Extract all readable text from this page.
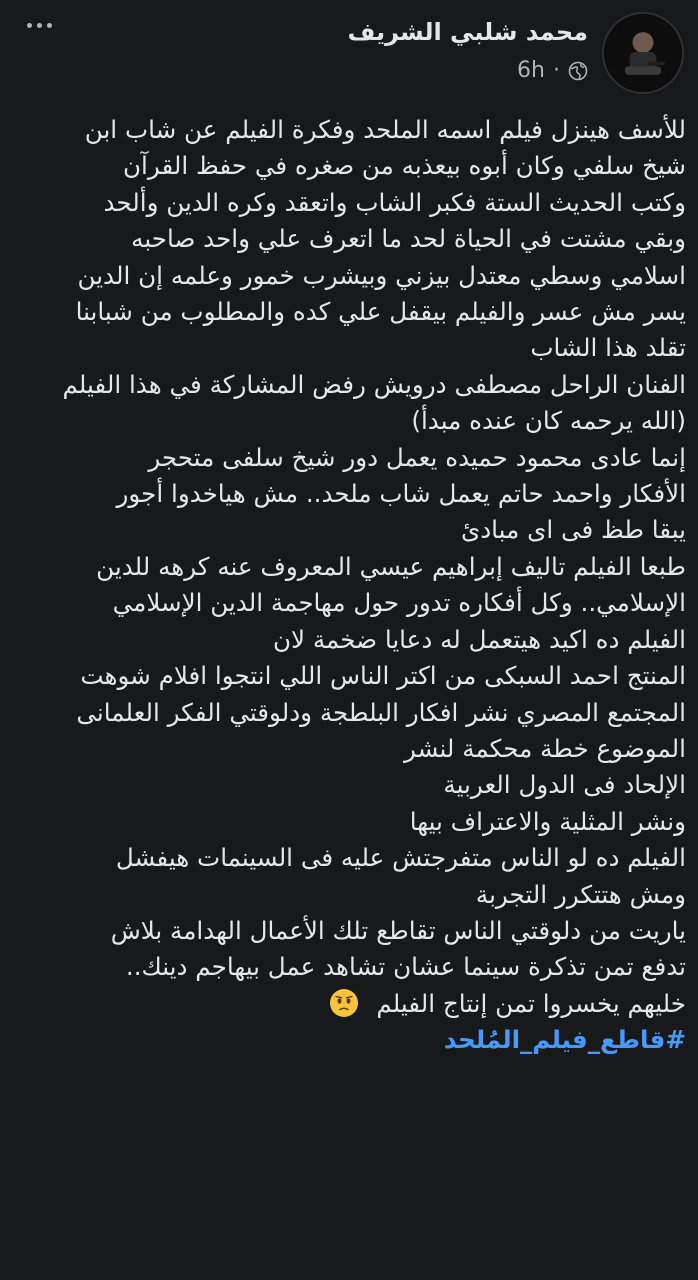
محمد شلبي الشريف
6h ·
للأسف هينزل فيلم اسمه الملحد وفكرة الفيلم عن شاب ابن
شيخ سلفي وكان أبوه بيعذبه من صغره في حفظ القرآن
وكتب الحديث الستة فكبر الشاب واتعقد وكره الدين وألحد
وبقي مشتت في الحياة لحد ما اتعرف علي واحد صاحبه
اسلامي وسطي معتدل بيزني وبيشرب خمور وعلمه إن الدين
يسر مش عسر والفيلم بيقفل علي كده والمطلوب من شبابنا
تقلد هذا الشاب
الفنان الراحل مصطفى درويش رفض المشاركة في هذا الفيلم
(الله يرحمه كان عنده مبدأ)
إنما عادى محمود حميده يعمل دور شيخ سلفى متحجر
الأفكار واحمد حاتم يعمل شاب ملحد.. مش هياخدوا أجور
يبقا طظ فى اى مبادئ
طبعا الفيلم تاليف إبراهيم عيسي المعروف عنه كرهه للدين
الإسلامي.. وكل أفكاره تدور حول مهاجمة الدين الإسلامي
الفيلم ده اكيد هيتعمل له دعايا ضخمة لان
المنتج احمد السبكى من اكتر الناس اللي انتجوا افلام شوهت
المجتمع المصري نشر افكار البلطجة ودلوقتي الفكر العلمانى
الموضوع خطة محكمة لنشر
الإلحاد فى الدول العربية
ونشر المثلية والاعتراف بيها
الفيلم ده لو الناس متفرجتش عليه فى السينمات هيفشل
ومش هتتكرر التجربة
ياريت من دلوقتي الناس تقاطع تلك الأعمال الهدامة بلاش
تدفع تمن تذكرة سينما عشان تشاهد عمل بيهاجم دينك..
خليهم يخسروا تمن إنتاج الفيلم
#قاطع_فيلم_المُلحد
